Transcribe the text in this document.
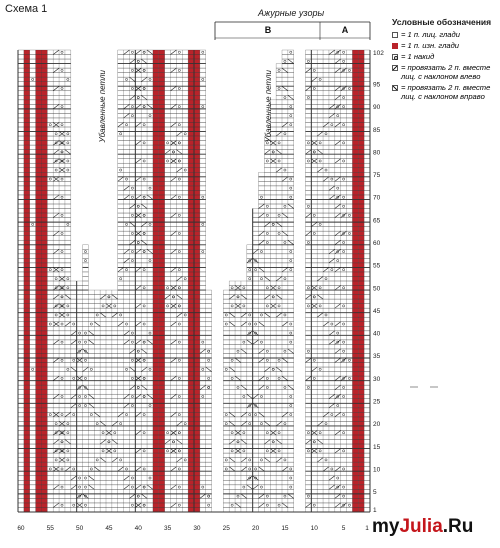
Схема 1	Ажурные узоры
Условные обозначения
= 1 п. лиц. глади
= 1 п. изн. глади
= 1 накид
= провязать 2 п. вместе
лиц. с наклоном влево
= провязать 2 п. вместе
лиц. с наклоном вправо
Убавленные петли	Убавленные петли
B	A
102
95
90
85
80
75
70
65
60
55
50
45
40
35
30
25
20
15
10
5
1
60	55	50	45	40	35	30	25	20	15	10	5	1 myJulia.Ru
